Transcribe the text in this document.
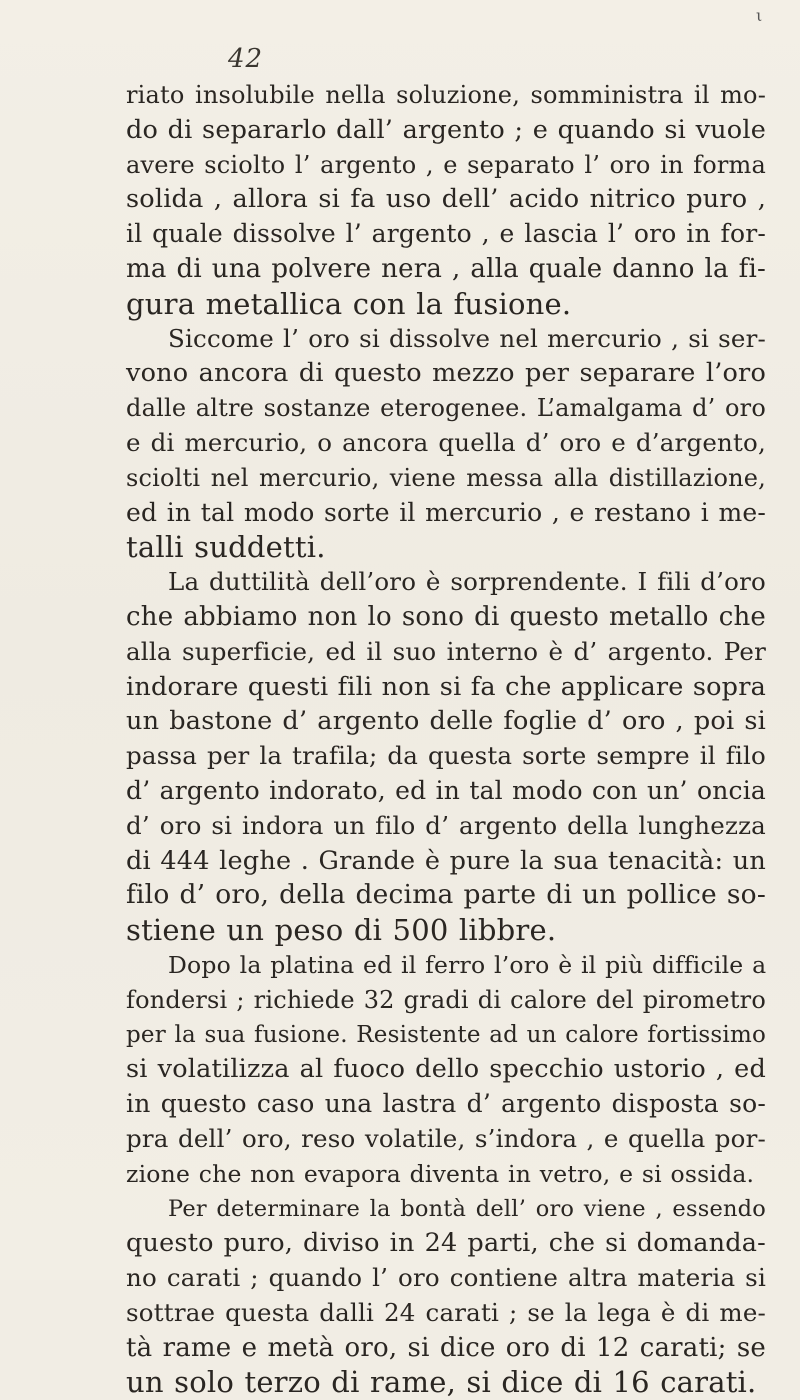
ι
42
riato insolubile nella soluzione, somministra il mo-
do di separarlo dall’ argento ; e quando si vuole
avere sciolto l’ argento , e separato l’ oro in forma
solida , allora si fa uso dell’ acido nitrico puro ,
il quale dissolve l’ argento , e lascia l’ oro in for-
ma di una polvere nera , alla quale danno la fi-
gura metallica con la fusione.
Siccome l’ oro si dissolve nel mercurio , si ser-
vono ancora di questo mezzo per separare l’oro
dalle altre sostanze eterogenee. L’amalgama d’ oro
e di mercurio, o ancora quella d’ oro e d’argento,
sciolti nel mercurio, viene messa alla distillazione,
ed in tal modo sorte il mercurio , e restano i me-
talli suddetti.
La duttilità dell’oro è sorprendente. I fili d’oro
che abbiamo non lo sono di questo metallo che
alla superficie, ed il suo interno è d’ argento. Per
indorare questi fili non si fa che applicare sopra
un bastone d’ argento delle foglie d’ oro , poi si
passa per la trafila; da questa sorte sempre il filo
d’ argento indorato, ed in tal modo con un’ oncia
d’ oro si indora un filo d’ argento della lunghezza
di 444 leghe . Grande è pure la sua tenacità: un
filo d’ oro, della decima parte di un pollice so-
stiene un peso di 500 libbre.
Dopo la platina ed il ferro l’oro è il più difficile a
fondersi ; richiede 32 gradi di calore del pirometro
per la sua fusione. Resistente ad un calore fortissimo
si volatilizza al fuoco dello specchio ustorio , ed
in questo caso una lastra d’ argento disposta so-
pra dell’ oro, reso volatile, s’indora , e quella por-
zione che non evapora diventa in vetro, e si ossida.
Per determinare la bontà dell’ oro viene , essendo
questo puro, diviso in 24 parti, che si domanda-
no carati ; quando l’ oro contiene altra materia si
sottrae questa dalli 24 carati ; se la lega è di me-
tà rame e metà oro, si dice oro di 12 carati; se
un solo terzo di rame, si dice di 16 carati.
